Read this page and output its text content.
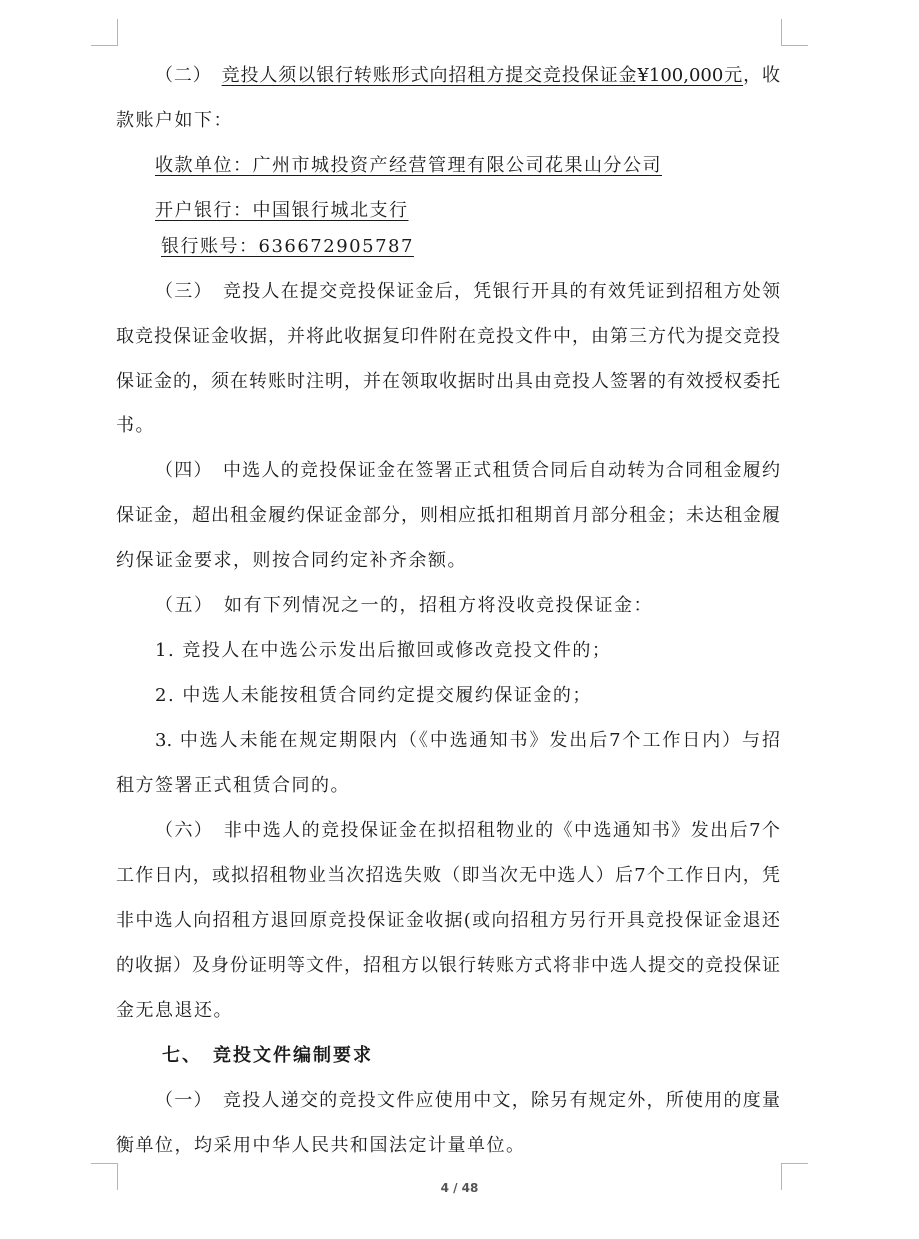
（二）　竞投人须以银行转账形式向招租方提交竞投保证金¥100,000元，收
款账户如下：
收款单位：广州市城投资产经营管理有限公司花果山分公司
开户银行：中国银行城北支行
银行账号：636672905787
（三）　竞投人在提交竞投保证金后，凭银行开具的有效凭证到招租方处领
取竞投保证金收据，并将此收据复印件附在竞投文件中，由第三方代为提交竞投
保证金的，须在转账时注明，并在领取收据时出具由竞投人签署的有效授权委托
书。
（四）　中选人的竞投保证金在签署正式租赁合同后自动转为合同租金履约
保证金，超出租金履约保证金部分，则相应抵扣租期首月部分租金；未达租金履
约保证金要求，则按合同约定补齐余额。
（五）　如有下列情况之一的，招租方将没收竞投保证金：
1. 竞投人在中选公示发出后撤回或修改竞投文件的；
2. 中选人未能按租赁合同约定提交履约保证金的；
3. 中选人未能在规定期限内（《中选通知书》发出后7个工作日内）与招
租方签署正式租赁合同的。
（六）　非中选人的竞投保证金在拟招租物业的《中选通知书》发出后7个
工作日内，或拟招租物业当次招选失败（即当次无中选人）后7个工作日内，凭
非中选人向招租方退回原竞投保证金收据(或向招租方另行开具竞投保证金退还
的收据）及身份证明等文件，招租方以银行转账方式将非中选人提交的竞投保证
金无息退还。
七、　竞投文件编制要求
（一）　竞投人递交的竞投文件应使用中文，除另有规定外，所使用的度量
衡单位，均采用中华人民共和国法定计量单位。
4 / 48
